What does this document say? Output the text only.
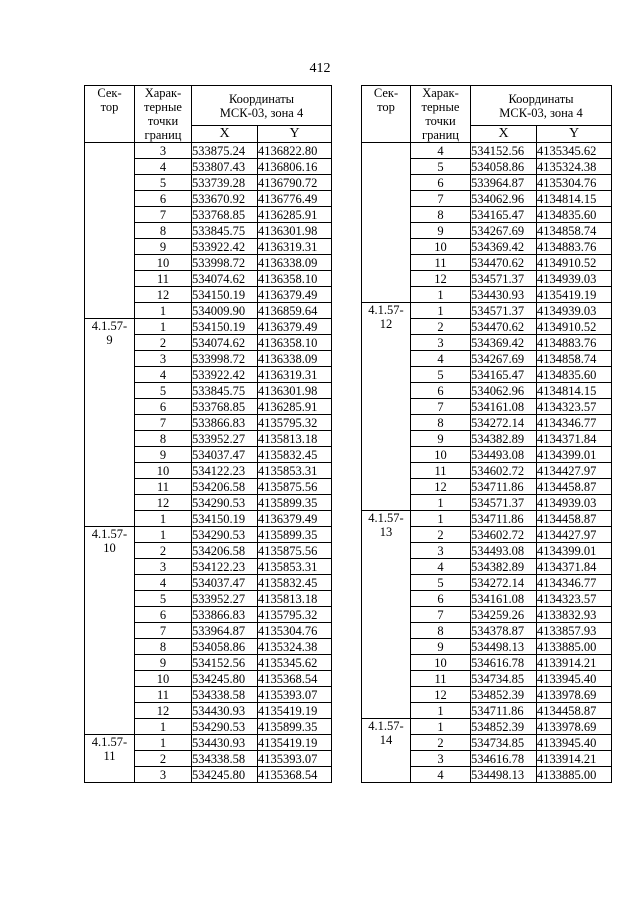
412
Сек-
тор	Харак-
терные
точки
границ	Координаты
МСК-03, зона 4	
		X	Y
	3	533875.24	4136822.80
	4	533807.43	4136806.16
	5	533739.28	4136790.72
	6	533670.92	4136776.49
	7	533768.85	4136285.91
	8	533845.75	4136301.98
	9	533922.42	4136319.31
	10	533998.72	4136338.09
	11	534074.62	4136358.10
	12	534150.19	4136379.49
	1	534009.90	4136859.64
4.1.57-
9	1	534150.19	4136379.49
	2	534074.62	4136358.10
	3	533998.72	4136338.09
	4	533922.42	4136319.31
	5	533845.75	4136301.98
	6	533768.85	4136285.91
	7	533866.83	4135795.32
	8	533952.27	4135813.18
	9	534037.47	4135832.45
	10	534122.23	4135853.31
	11	534206.58	4135875.56
	12	534290.53	4135899.35
	1	534150.19	4136379.49
4.1.57-
10	1	534290.53	4135899.35
	2	534206.58	4135875.56
	3	534122.23	4135853.31
	4	534037.47	4135832.45
	5	533952.27	4135813.18
	6	533866.83	4135795.32
	7	533964.87	4135304.76
	8	534058.86	4135324.38
	9	534152.56	4135345.62
	10	534245.80	4135368.54
	11	534338.58	4135393.07
	12	534430.93	4135419.19
	1	534290.53	4135899.35
4.1.57-
11	1	534430.93	4135419.19
	2	534338.58	4135393.07
	3	534245.80	4135368.54
Сек-
тор	Харак-
терные
точки
границ	Координаты
МСК-03, зона 4	
		X	Y
	4	534152.56	4135345.62
	5	534058.86	4135324.38
	6	533964.87	4135304.76
	7	534062.96	4134814.15
	8	534165.47	4134835.60
	9	534267.69	4134858.74
	10	534369.42	4134883.76
	11	534470.62	4134910.52
	12	534571.37	4134939.03
	1	534430.93	4135419.19
4.1.57-
12	1	534571.37	4134939.03
	2	534470.62	4134910.52
	3	534369.42	4134883.76
	4	534267.69	4134858.74
	5	534165.47	4134835.60
	6	534062.96	4134814.15
	7	534161.08	4134323.57
	8	534272.14	4134346.77
	9	534382.89	4134371.84
	10	534493.08	4134399.01
	11	534602.72	4134427.97
	12	534711.86	4134458.87
	1	534571.37	4134939.03
4.1.57-
13	1	534711.86	4134458.87
	2	534602.72	4134427.97
	3	534493.08	4134399.01
	4	534382.89	4134371.84
	5	534272.14	4134346.77
	6	534161.08	4134323.57
	7	534259.26	4133832.93
	8	534378.87	4133857.93
	9	534498.13	4133885.00
	10	534616.78	4133914.21
	11	534734.85	4133945.40
	12	534852.39	4133978.69
	1	534711.86	4134458.87
4.1.57-
14	1	534852.39	4133978.69
	2	534734.85	4133945.40
	3	534616.78	4133914.21
	4	534498.13	4133885.00
